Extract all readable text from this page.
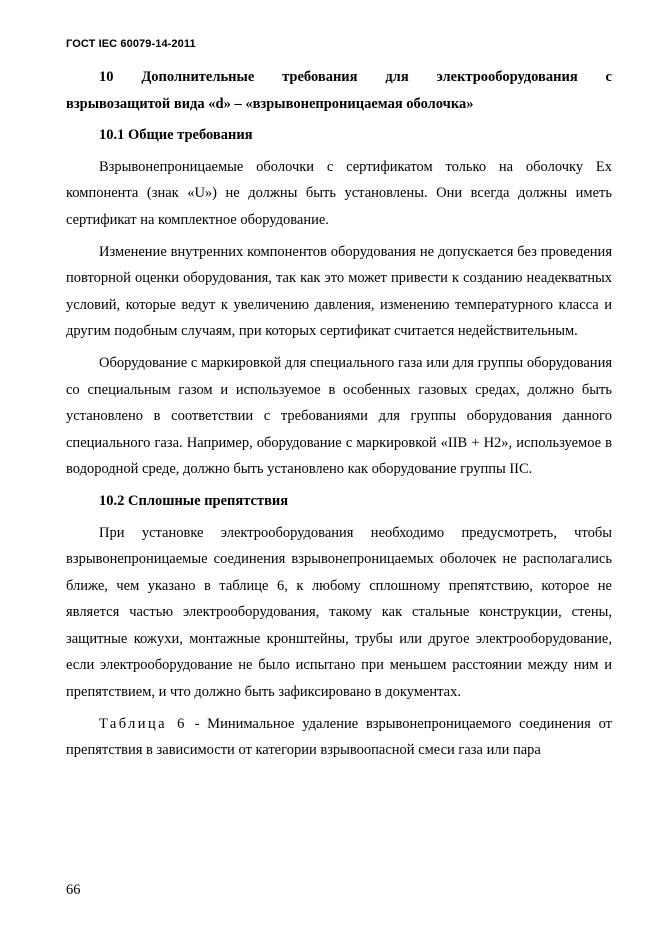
ГОСТ IEC 60079-14-2011
10 Дополнительные требования для электрооборудования с
взрывозащитой вида «d» – «взрывонепроницаемая оболочка»

10.1 Общие требования

Взрывонепроницаемые оболочки с сертификатом только на оболочку Ex компонента (знак «U») не должны быть установлены. Они всегда должны иметь сертификат на комплектное оборудование.

Изменение внутренних компонентов оборудования не допускается без проведения повторной оценки оборудования, так как это может привести к созданию неадекватных условий, которые ведут к увеличению давления, изменению температурного класса и другим подобным случаям, при которых сертификат считается недействительным.

Оборудование с маркировкой для специального газа или для группы оборудования со специальным газом и используемое в особенных газовых средах, должно быть установлено в соответствии с требованиями для группы оборудования данного специального газа. Например, оборудование с маркировкой «IIB + H2», используемое в водородной среде, должно быть установлено как оборудование группы IIC.

10.2 Сплошные препятствия

При установке электрооборудования необходимо предусмотреть, чтобы взрывонепроницаемые соединения взрывонепроницаемых оболочек не располагались ближе, чем указано в таблице 6, к любому сплошному препятствию, которое не является частью электрооборудования, такому как стальные конструкции, стены, защитные кожухи, монтажные кронштейны, трубы или другое электрооборудование, если электрооборудование не было испытано при меньшем расстоянии между ним и препятствием, и что должно быть зафиксировано в документах.

Таблица 6 - Минимальное удаление взрывонепроницаемого соединения от препятствия в зависимости от категории взрывоопасной смеси газа или пара

66
